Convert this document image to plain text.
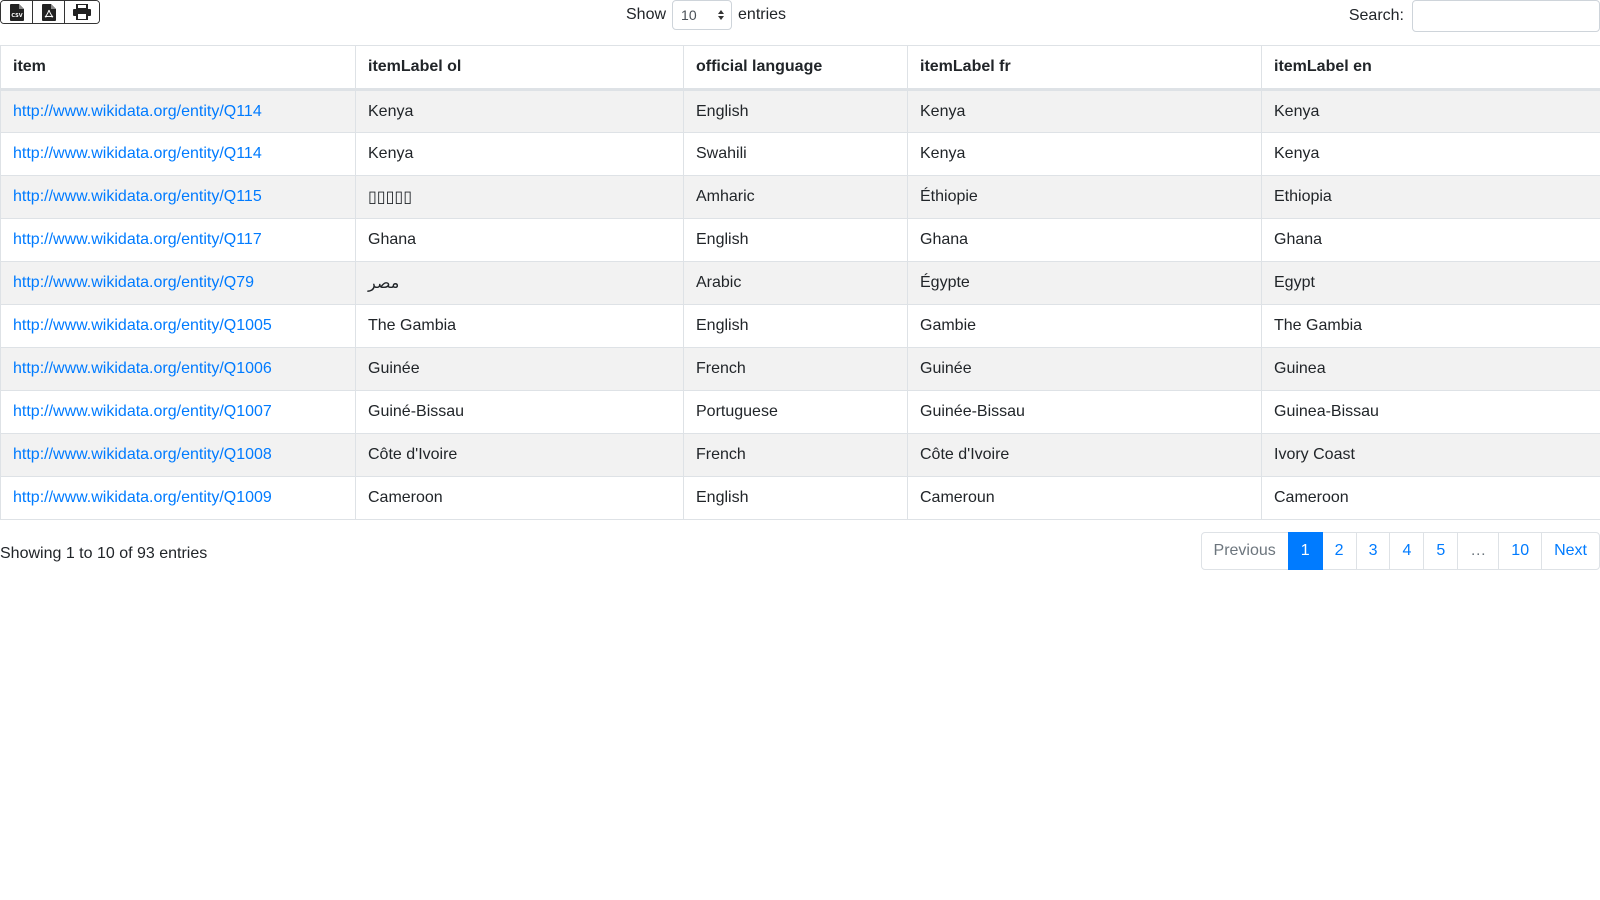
CSV	Show 10	entries	Search:
item	itemLabel ol	official language	itemLabel fr	itemLabel en
http://www.wikidata.org/entity/Q114	Kenya	English	Kenya	Kenya
http://www.wikidata.org/entity/Q114	Kenya	Swahili	Kenya	Kenya
http://www.wikidata.org/entity/Q115	▯▯▯▯▯	Amharic	Éthiopie	Ethiopia
http://www.wikidata.org/entity/Q117	Ghana	English	Ghana	Ghana
http://www.wikidata.org/entity/Q79	مصر	Arabic	Égypte	Egypt
http://www.wikidata.org/entity/Q1005	The Gambia	English	Gambie	The Gambia
http://www.wikidata.org/entity/Q1006	Guinée	French	Guinée	Guinea
http://www.wikidata.org/entity/Q1007	Guiné-Bissau	Portuguese	Guinée-Bissau	Guinea-Bissau
http://www.wikidata.org/entity/Q1008	Côte d'Ivoire	French	Côte d'Ivoire	Ivory Coast
http://www.wikidata.org/entity/Q1009	Cameroon	English	Cameroun	Cameroon
Showing 1 to 10 of 93 entries	Previous	1	2	3	4	5	…	10	Next
